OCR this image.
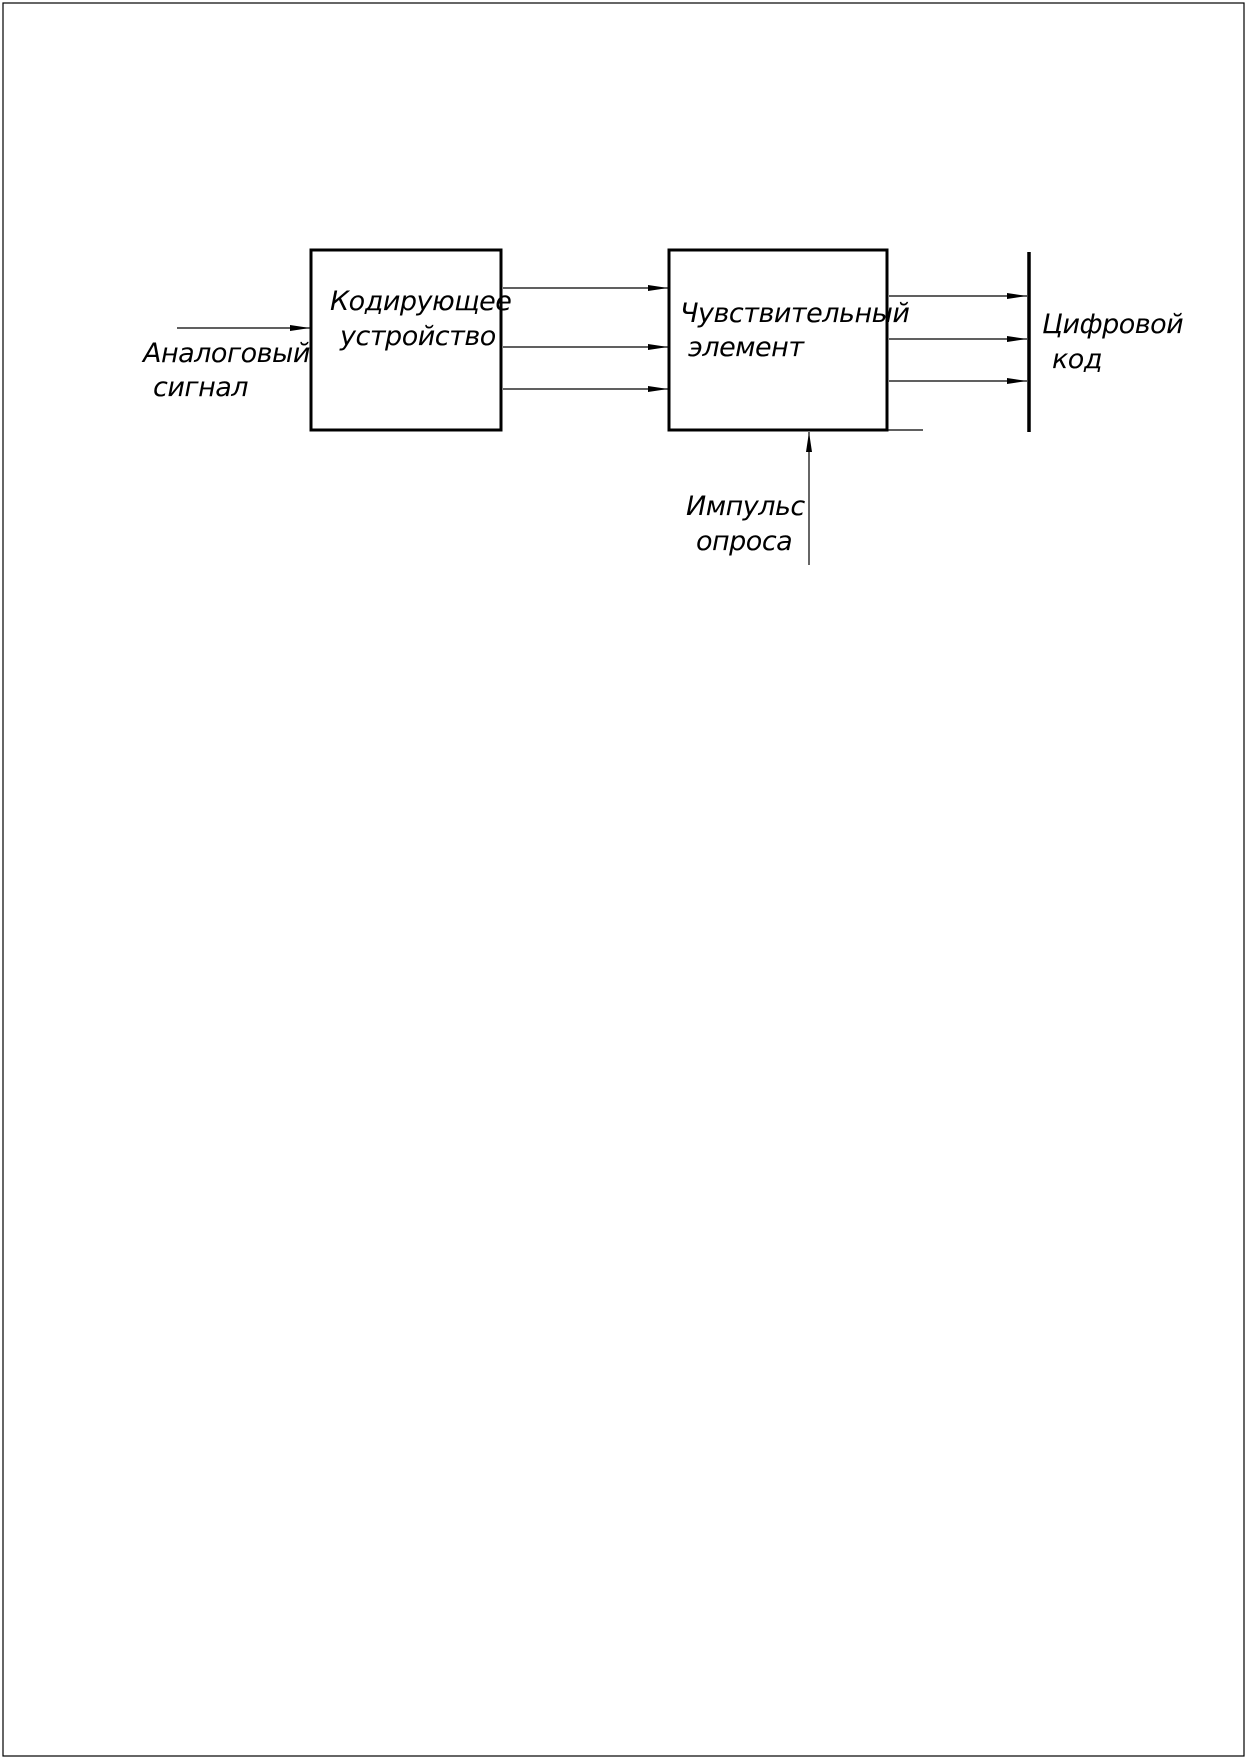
Аналоговый
сигнал
Кодирующее
устройство
Чувствительный
элемент
Цифровой
код
Импульс
опроса
